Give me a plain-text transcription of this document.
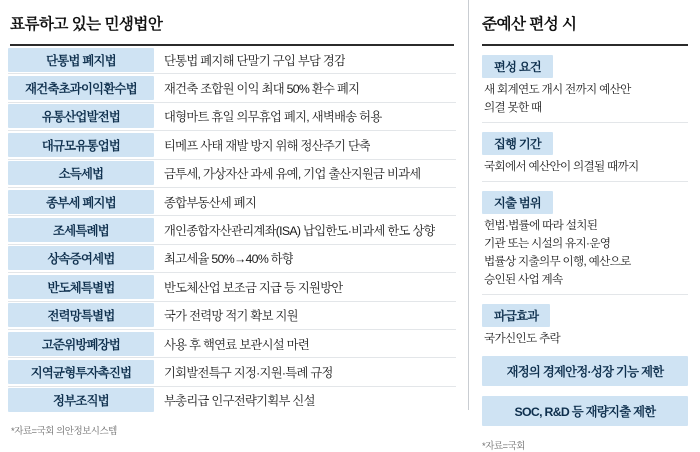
표류하고 있는 민생법안
단통법 폐지법	단통법 폐지해 단말기 구입 부담 경감
재건축초과이익환수법	재건축 조합원 이익 최대 50% 환수 폐지
유통산업발전법	대형마트 휴일 의무휴업 폐지, 새벽배송 허용
대규모유통업법	티메프 사태 재발 방지 위해 정산주기 단축
소득세법	금투세, 가상자산 과세 유예, 기업 출산지원금 비과세
종부세 폐지법	종합부동산세 폐지
조세특례법	개인종합자산관리계좌(ISA) 납입한도·비과세 한도 상향
상속증여세법	최고세율 50%→40% 하향
반도체특별법	반도체산업 보조금 지급 등 지원방안
전력망특별법	국가 전력망 적기 확보 지원
고준위방폐장법	사용 후 핵연료 보관시설 마련
지역균형투자촉진법	기회발전특구 지정·지원·특례 규정
정부조직법	부총리급 인구전략기획부 신설
*자료=국회 의안정보시스템
준예산 편성 시
편성 요건
새 회계연도 개시 전까지 예산안
의결 못한 때
집행 기간
국회에서 예산안이 의결될 때까지
지출 범위
헌법·법률에 따라 설치된
기관 또는 시설의 유지·운영
법률상 지출의무 이행, 예산으로
승인된 사업 계속
파급효과
국가신인도 추락
재정의 경제안정·성장 기능 제한
SOC, R&D 등 재량지출 제한
*자료=국회
